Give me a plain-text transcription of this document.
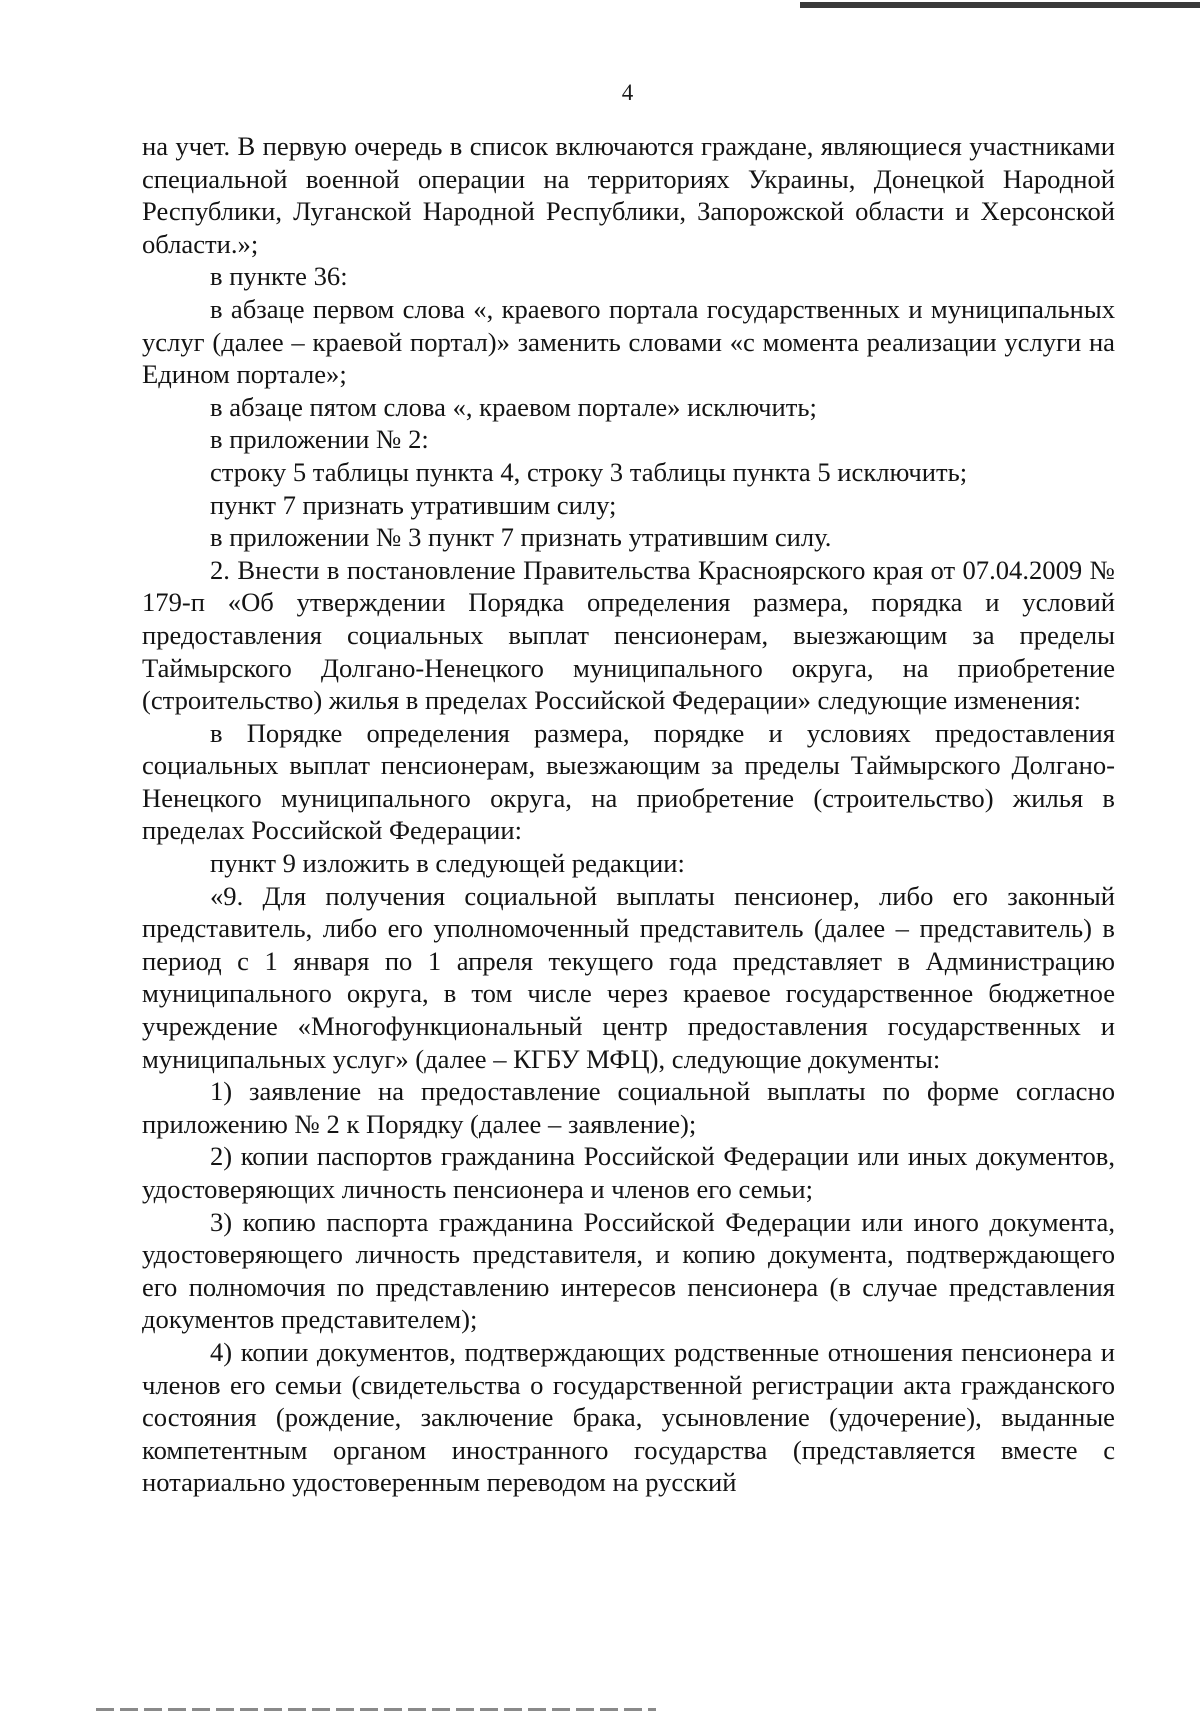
4

на учет. В первую очередь в список включаются граждане, являющиеся участниками специальной военной операции на территориях Украины, Донецкой Народной Республики, Луганской Народной Республики, Запорожской области и Херсонской области.»;

в пункте 36:

в абзаце первом слова «, краевого портала государственных и муниципальных услуг (далее – краевой портал)» заменить словами «с момента реализации услуги на Едином портале»;

в абзаце пятом слова «, краевом портале» исключить;

в приложении № 2:

строку 5 таблицы пункта 4, строку 3 таблицы пункта 5 исключить;

пункт 7 признать утратившим силу;

в приложении № 3 пункт 7 признать утратившим силу.

2. Внести в постановление Правительства Красноярского края от 07.04.2009 № 179-п «Об утверждении Порядка определения размера, порядка и условий предоставления социальных выплат пенсионерам, выезжающим за пределы Таймырского Долгано-Ненецкого муниципального округа, на приобретение (строительство) жилья в пределах Российской Федерации» следующие изменения:

в Порядке определения размера, порядке и условиях предоставления социальных выплат пенсионерам, выезжающим за пределы Таймырского Долгано-Ненецкого муниципального округа, на приобретение (строительство) жилья в пределах Российской Федерации:

пункт 9 изложить в следующей редакции:

«9. Для получения социальной выплаты пенсионер, либо его законный представитель, либо его уполномоченный представитель (далее – представитель) в период с 1 января по 1 апреля текущего года представляет в Администрацию муниципального округа, в том числе через краевое государственное бюджетное учреждение «Многофункциональный центр предоставления государственных и муниципальных услуг» (далее – КГБУ МФЦ), следующие документы:

1) заявление на предоставление социальной выплаты по форме согласно приложению № 2 к Порядку (далее – заявление);

2) копии паспортов гражданина Российской Федерации или иных документов, удостоверяющих личность пенсионера и членов его семьи;

3) копию паспорта гражданина Российской Федерации или иного документа, удостоверяющего личность представителя, и копию документа, подтверждающего его полномочия по представлению интересов пенсионера (в случае представления документов представителем);

4) копии документов, подтверждающих родственные отношения пенсионера и членов его семьи (свидетельства о государственной регистрации акта гражданского состояния (рождение, заключение брака, усыновление (удочерение), выданные компетентным органом иностранного государства (представляется вместе с нотариально удостоверенным переводом на русский
